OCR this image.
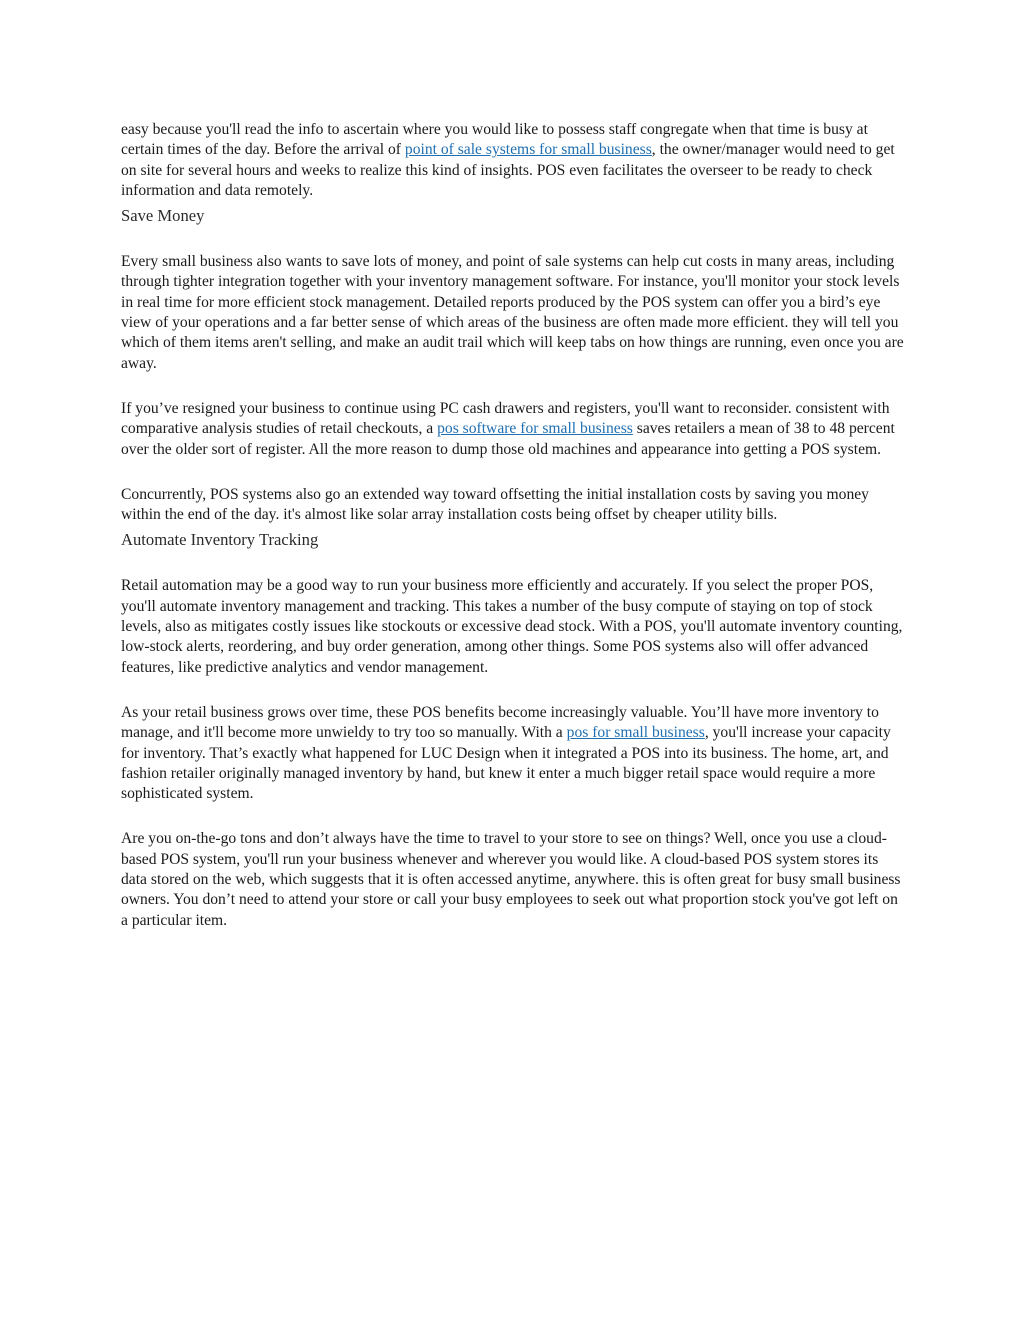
easy because you'll read the info to ascertain where you would like to possess staff congregate when that time is busy at certain times of the day. Before the arrival of point of sale systems for small business, the owner/manager would need to get on site for several hours and weeks to realize this kind of insights. POS even facilitates the overseer to be ready to check information and data remotely.

Save Money

Every small business also wants to save lots of money, and point of sale systems can help cut costs in many areas, including through tighter integration together with your inventory management software. For instance, you'll monitor your stock levels in real time for more efficient stock management. Detailed reports produced by the POS system can offer you a bird’s eye view of your operations and a far better sense of which areas of the business are often made more efficient. they will tell you which of them items aren't selling, and make an audit trail which will keep tabs on how things are running, even once you are away.

If you’ve resigned your business to continue using PC cash drawers and registers, you'll want to reconsider. consistent with comparative analysis studies of retail checkouts, a pos software for small business saves retailers a mean of 38 to 48 percent over the older sort of register. All the more reason to dump those old machines and appearance into getting a POS system.

Concurrently, POS systems also go an extended way toward offsetting the initial installation costs by saving you money within the end of the day. it's almost like solar array installation costs being offset by cheaper utility bills.

Automate Inventory Tracking

Retail automation may be a good way to run your business more efficiently and accurately. If you select the proper POS, you'll automate inventory management and tracking. This takes a number of the busy compute of staying on top of stock levels, also as mitigates costly issues like stockouts or excessive dead stock. With a POS, you'll automate inventory counting, low-stock alerts, reordering, and buy order generation, among other things. Some POS systems also will offer advanced features, like predictive analytics and vendor management.

As your retail business grows over time, these POS benefits become increasingly valuable. You’ll have more inventory to manage, and it'll become more unwieldy to try too so manually. With a pos for small business, you'll increase your capacity for inventory. That’s exactly what happened for LUC Design when it integrated a POS into its business. The home, art, and fashion retailer originally managed inventory by hand, but knew it enter a much bigger retail space would require a more sophisticated system.

Are you on-the-go tons and don’t always have the time to travel to your store to see on things? Well, once you use a cloud-based POS system, you'll run your business whenever and wherever you would like. A cloud-based POS system stores its data stored on the web, which suggests that it is often accessed anytime, anywhere. this is often great for busy small business owners. You don’t need to attend your store or call your busy employees to seek out what proportion stock you've got left on a particular item.
